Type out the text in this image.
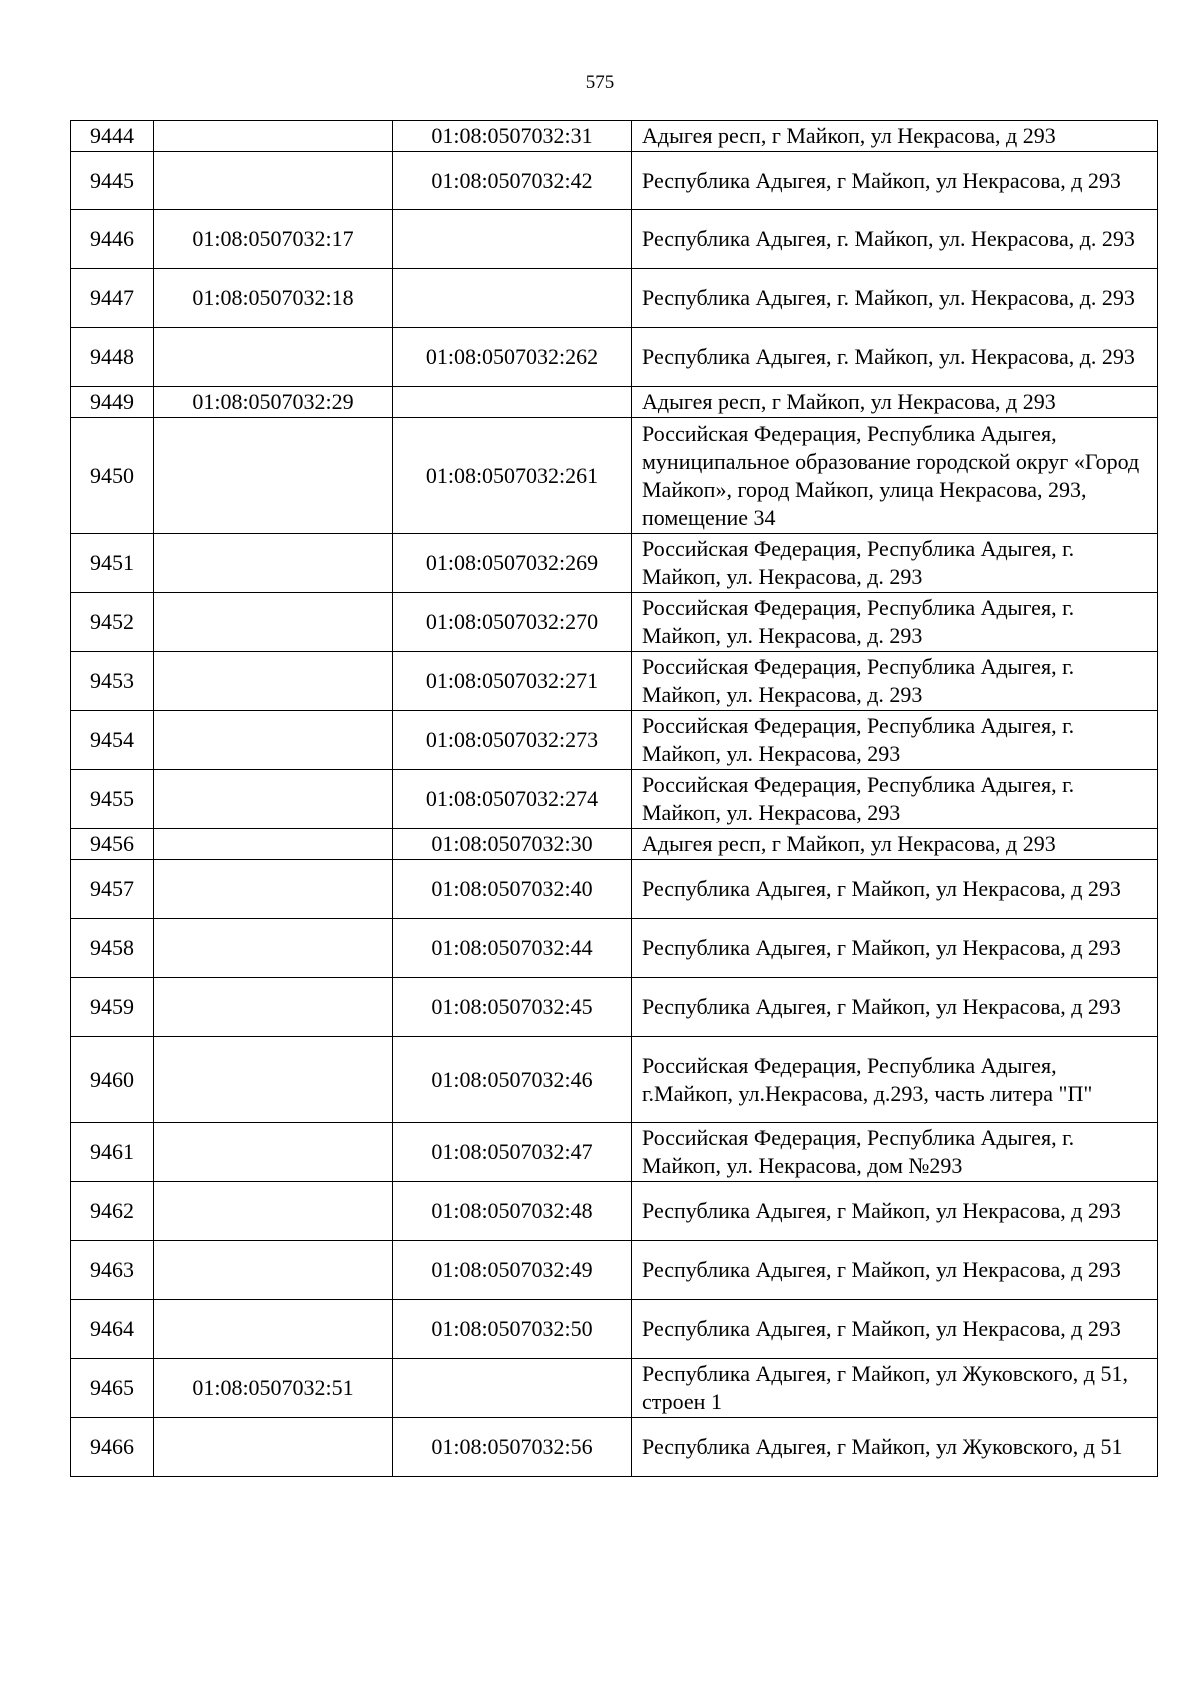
575
9444		01:08:0507032:31	Адыгея респ, г Майкоп, ул Некрасова, д 293
9445		01:08:0507032:42	Республика Адыгея, г Майкоп, ул Некрасова, д 293
9446	01:08:0507032:17		Республика Адыгея, г. Майкоп, ул. Некрасова, д. 293
9447	01:08:0507032:18		Республика Адыгея, г. Майкоп, ул. Некрасова, д. 293
9448		01:08:0507032:262	Республика Адыгея, г. Майкоп, ул. Некрасова, д. 293
9449	01:08:0507032:29		Адыгея респ, г Майкоп, ул Некрасова, д 293
9450		01:08:0507032:261	Российская Федерация, Республика Адыгея, муниципальное образование городской округ «Город Майкоп», город Майкоп, улица Некрасова, 293, помещение 34
9451		01:08:0507032:269	Российская Федерация, Республика Адыгея, г. Майкоп, ул. Некрасова, д. 293
9452		01:08:0507032:270	Российская Федерация, Республика Адыгея, г. Майкоп, ул. Некрасова, д. 293
9453		01:08:0507032:271	Российская Федерация, Республика Адыгея, г. Майкоп, ул. Некрасова, д. 293
9454		01:08:0507032:273	Российская Федерация, Республика Адыгея, г. Майкоп, ул. Некрасова, 293
9455		01:08:0507032:274	Российская Федерация, Республика Адыгея, г. Майкоп, ул. Некрасова, 293
9456		01:08:0507032:30	Адыгея респ, г Майкоп, ул Некрасова, д 293
9457		01:08:0507032:40	Республика Адыгея, г Майкоп, ул Некрасова, д 293
9458		01:08:0507032:44	Республика Адыгея, г Майкоп, ул Некрасова, д 293
9459		01:08:0507032:45	Республика Адыгея, г Майкоп, ул Некрасова, д 293
9460		01:08:0507032:46	Российская Федерация, Республика Адыгея, г.Майкоп, ул.Некрасова, д.293, часть литера "П"
9461		01:08:0507032:47	Российская Федерация, Республика Адыгея, г. Майкоп, ул. Некрасова, дом №293
9462		01:08:0507032:48	Республика Адыгея, г Майкоп, ул Некрасова, д 293
9463		01:08:0507032:49	Республика Адыгея, г Майкоп, ул Некрасова, д 293
9464		01:08:0507032:50	Республика Адыгея, г Майкоп, ул Некрасова, д 293
9465	01:08:0507032:51		Республика Адыгея, г Майкоп, ул Жуковского, д 51, строен 1
9466		01:08:0507032:56	Республика Адыгея, г Майкоп, ул Жуковского, д 51
